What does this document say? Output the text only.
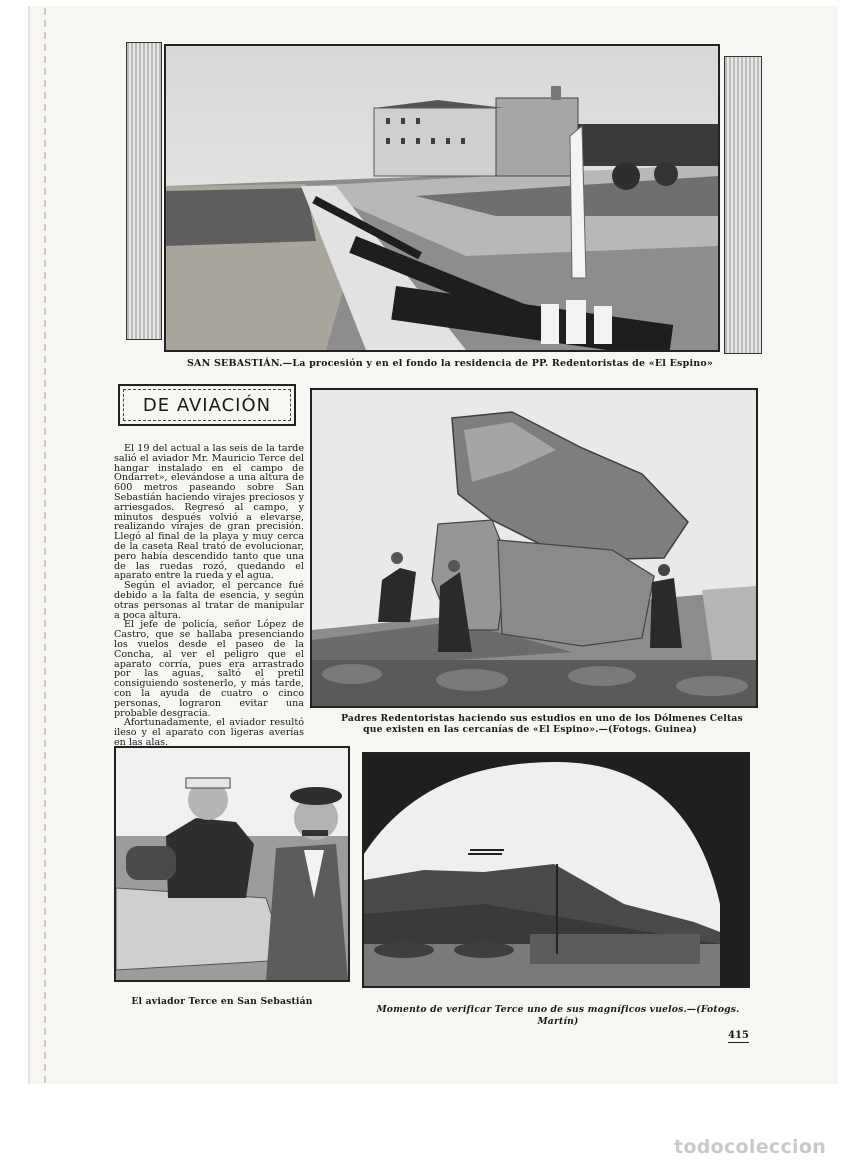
SAN SEBASTIÁN.—La procesión y en el fondo la residencia de PP. Redentoristas de «El Espino»
DE AVIACIÓN

El 19 del actual a las seis de la tarde salió el aviador Mr. Mauricio Terce del hangar instalado en el campo de Ondarret», elevándose a una altura de 600 metros paseando sobre San Sebastián haciendo virajes preciosos y arriesgados. Regresó al campo, y minutos después volvió a elevarse, realizando virajes de gran precisión. Llegó al final de la playa y muy cerca de la caseta Real trató de evolucionar, pero había descendido tanto que una de las ruedas rozó, quedando el aparato entre la rueda y el agua.

Según el aviador, el percance fué debido a la falta de esencia, y según otras personas al tratar de manipular a poca altura.

El jefe de policía, señor López de Castro, que se hallaba presenciando los vuelos desde el paseo de la Concha, al ver el peligro que el aparato corría, pues era arrastrado por las aguas, saltó el pretil consiguiendo sostenerlo, y más tarde, con la ayuda de cuatro o cinco personas, lograron evitar una probable desgracia.

Afortunadamente, el aviador resultó ileso y el aparato con ligeras averías en las alas.

Padres Redentoristas haciendo sus estudios en uno de los Dólmenes Celtas
que existen en las cercanías de «El Espino».—(Fotogs. Guinea)
El aviador Terce en San Sebastián
Momento de verificar Terce uno de sus magníficos vuelos.—(Fotogs. Martín)
415
todocoleccion
